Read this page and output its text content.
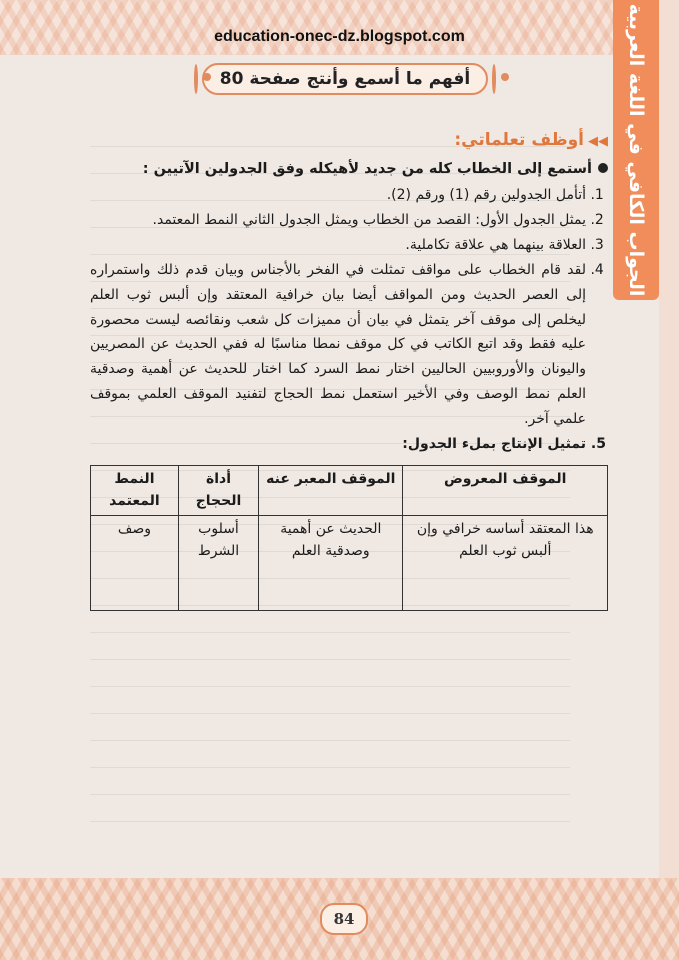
education-onec-dz.blogspot.com
أفهم ما أسمع وأنتج صفحة 80	الجواب الكافي في اللغة العربية
◀◀أوظف تعلماتي:

أستمع إلى الخطاب كله من جديد لأهيكله وفق الجدولين الآتيين :

1. أتأمل الجدولين رقم (1) ورقم (2).
2. يمثل الجدول الأول: القصد من الخطاب ويمثل الجدول الثاني النمط المعتمد.
3. العلاقة بينهما هي علاقة تكاملية.
4. لقد قام الخطاب على مواقف تمثلت في الفخر بالأجناس وبيان قدم ذلك واستمراره إلى العصر الحديث ومن المواقف أيضا بيان خرافية المعتقد وإن ألبس ثوب العلم ليخلص إلى موقف آخر يتمثل في بيان أن مميزات كل شعب ونقائصه ليست محصورة عليه فقط وقد اتبع الكاتب في كل موقف نمطا مناسبًا له ففي الحديث عن المصريين واليونان والأوروبيين الحاليين اختار نمط السرد كما اختار للحديث عن أهمية وصدقية العلم نمط الوصف وفي الأخير استعمل نمط الحجاج لتفنيد الموقف العلمي بموقف علمي آخر.
5. تمثيل الإنتاج بملء الجدول:
الموقف المعروض	الموقف المعبر عنه	أداة الحجاج	النمط المعتمد
هذا المعتقد أساسه خرافي وإن ألبس ثوب العلم	الحديث عن أهمية وصدقية العلم	أسلوب الشرط	وصف
84
